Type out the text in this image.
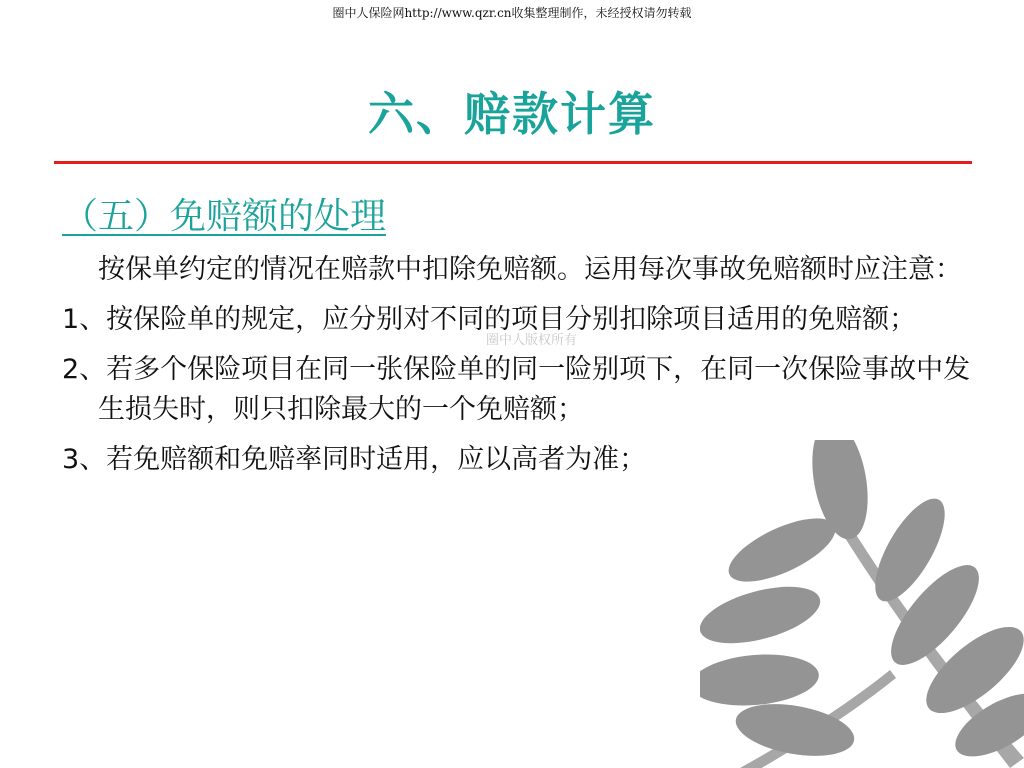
圈中人保险网http://www.qzr.cn收集整理制作，未经授权请勿转载
六、赔款计算
（五）免赔额的处理
圈中人版权所有
按保单约定的情况在赔款中扣除免赔额。运用每次事故免赔额时应注意：
1、按保险单的规定，应分别对不同的项目分别扣除项目适用的免赔额；
2、若多个保险项目在同一张保险单的同一险别项下，在同一次保险事故中发生损失时，则只扣除最大的一个免赔额；
3、若免赔额和免赔率同时适用，应以高者为准；
